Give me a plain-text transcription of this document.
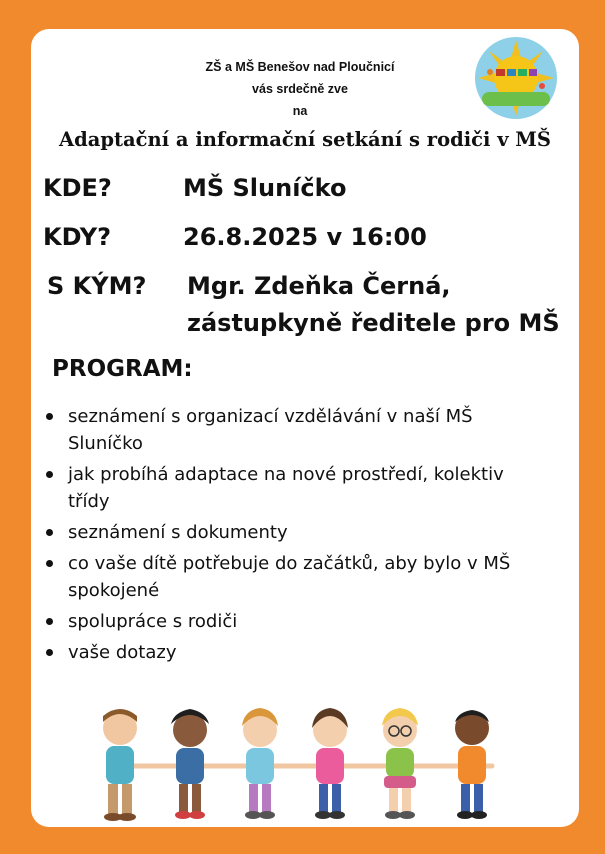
ZŠ a MŠ Benešov nad Ploučnicí
vás srdečně zve
na
Adaptační a informační setkání s rodiči v MŠ
KDE?	MŠ Sluníčko
KDY?	26.8.2025 v 16:00
S KÝM? Mgr. Zdeňka Černá,
zástupkyně ředitele pro MŠ
PROGRAM:
seznámení s organizací vzdělávání v naší MŠ
Sluníčko
jak probíhá adaptace na nové prostředí, kolektiv
třídy
seznámení s dokumenty
co vaše dítě potřebuje do začátků, aby bylo v MŠ
spokojené
spolupráce s rodiči
vaše dotazy
